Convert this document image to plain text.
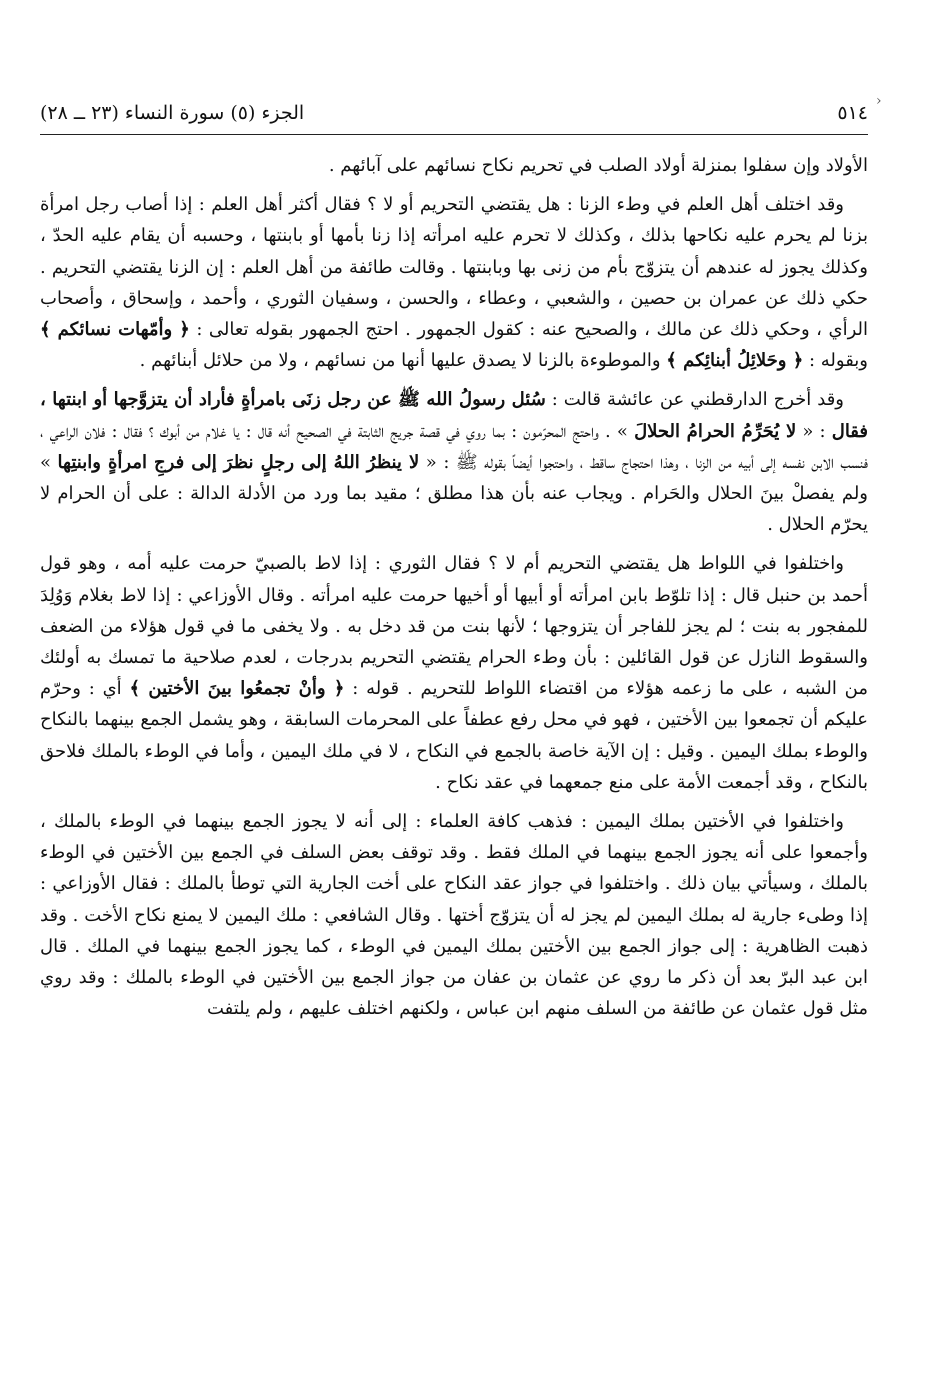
‹
٥١٤
الجزء (٥) سورة النساء (٢٣ ــ ٢٨)

الأولاد وإن سفلوا بمنزلة أولاد الصلب في تحريم نكاح نسائهم على آبائهم .

وقد اختلف أهل العلم في وطء الزنا : هل يقتضي التحريم أو لا ؟ فقال أكثر أهل العلم : إذا أصاب رجل امرأة بزنا لم يحرم عليه نكاحها بذلك ، وكذلك لا تحرم عليه امرأته إذا زنا بأمها أو بابنتها ، وحسبه أن يقام عليه الحدّ ، وكذلك يجوز له عندهم أن يتزوّج بأم من زنى بها وبابنتها . وقالت طائفة من أهل العلم : إن الزنا يقتضي التحريم . حكي ذلك عن عمران بن حصين ، والشعبي ، وعطاء ، والحسن ، وسفيان الثوري ، وأحمد ، وإسحاق ، وأصحاب الرأي ، وحكي ذلك عن مالك ، والصحيح عنه : كقول الجمهور . احتج الجمهور بقوله تعالى : ﴿ وأمّهات نسائكم ﴾ وبقوله : ﴿ وحَلائِلُ أبنائِكم ﴾ والموطوءة بالزنا لا يصدق عليها أنها من نسائهم ، ولا من حلائل أبنائهم .

وقد أخرج الدارقطني عن عائشة قالت : سُئل رسولُ الله ﷺ عن رجل زنَى بامرأةٍ فأراد أن يتزوَّجها أو ابنتها ، فقال : « لا يُحَرِّمُ الحرامُ الحلالَ » . واحتج المحرّمون : بما روي في قصة جريج الثابتة في الصحيح أنه قال : يا غلام من أبوك ؟ فقال : فلان الراعي ، فنسب الابن نفسه إلى أبيه من الزنا ، وهذا احتجاج ساقط ، واحتجوا أيضاً بقوله ﷺ : « لا ينظرُ اللهُ إلى رجلٍ نظرَ إلى فرجِ امرأةٍ وابنتِها » ولم يفصلْ بينَ الحلال والحَرام . ويجاب عنه بأن هذا مطلق ؛ مقيد بما ورد من الأدلة الدالة : على أن الحرام لا يحرّم الحلال .

واختلفوا في اللواط هل يقتضي التحريم أم لا ؟ فقال الثوري : إذا لاط بالصبيّ حرمت عليه أمه ، وهو قول أحمد بن حنبل قال : إذا تلوّط بابن امرأته أو أبيها أو أخيها حرمت عليه امرأته . وقال الأوزاعي : إذا لاط بغلام وَوُلِدَ للمفجور به بنت ؛ لم يجز للفاجر أن يتزوجها ؛ لأنها بنت من قد دخل به . ولا يخفى ما في قول هؤلاء من الضعف والسقوط النازل عن قول القائلين : بأن وطء الحرام يقتضي التحريم بدرجات ، لعدم صلاحية ما تمسك به أولئك من الشبه ، على ما زعمه هؤلاء من اقتضاء اللواط للتحريم . قوله : ﴿ وأنْ تجمعُوا بينَ الأختين ﴾ أي : وحرّم عليكم أن تجمعوا بين الأختين ، فهو في محل رفع عطفاً على المحرمات السابقة ، وهو يشمل الجمع بينهما بالنكاح والوطء بملك اليمين . وقيل : إن الآية خاصة بالجمع في النكاح ، لا في ملك اليمين ، وأما في الوطء بالملك فلاحق بالنكاح ، وقد أجمعت الأمة على منع جمعهما في عقد نكاح .

واختلفوا في الأختين بملك اليمين : فذهب كافة العلماء : إلى أنه لا يجوز الجمع بينهما في الوطء بالملك ، وأجمعوا على أنه يجوز الجمع بينهما في الملك فقط . وقد توقف بعض السلف في الجمع بين الأختين في الوطء بالملك ، وسيأتي بيان ذلك . واختلفوا في جواز عقد النكاح على أخت الجارية التي توطأ بالملك : فقال الأوزاعي : إذا وطىء جارية له بملك اليمين لم يجز له أن يتزوّج أختها . وقال الشافعي : ملك اليمين لا يمنع نكاح الأخت . وقد ذهبت الظاهرية : إلى جواز الجمع بين الأختين بملك اليمين في الوطء ، كما يجوز الجمع بينهما في الملك . قال ابن عبد البرّ بعد أن ذكر ما روي عن عثمان بن عفان من جواز الجمع بين الأختين في الوطء بالملك : وقد روي مثل قول عثمان عن طائفة من السلف منهم ابن عباس ، ولكنهم اختلف عليهم ، ولم يلتفت
